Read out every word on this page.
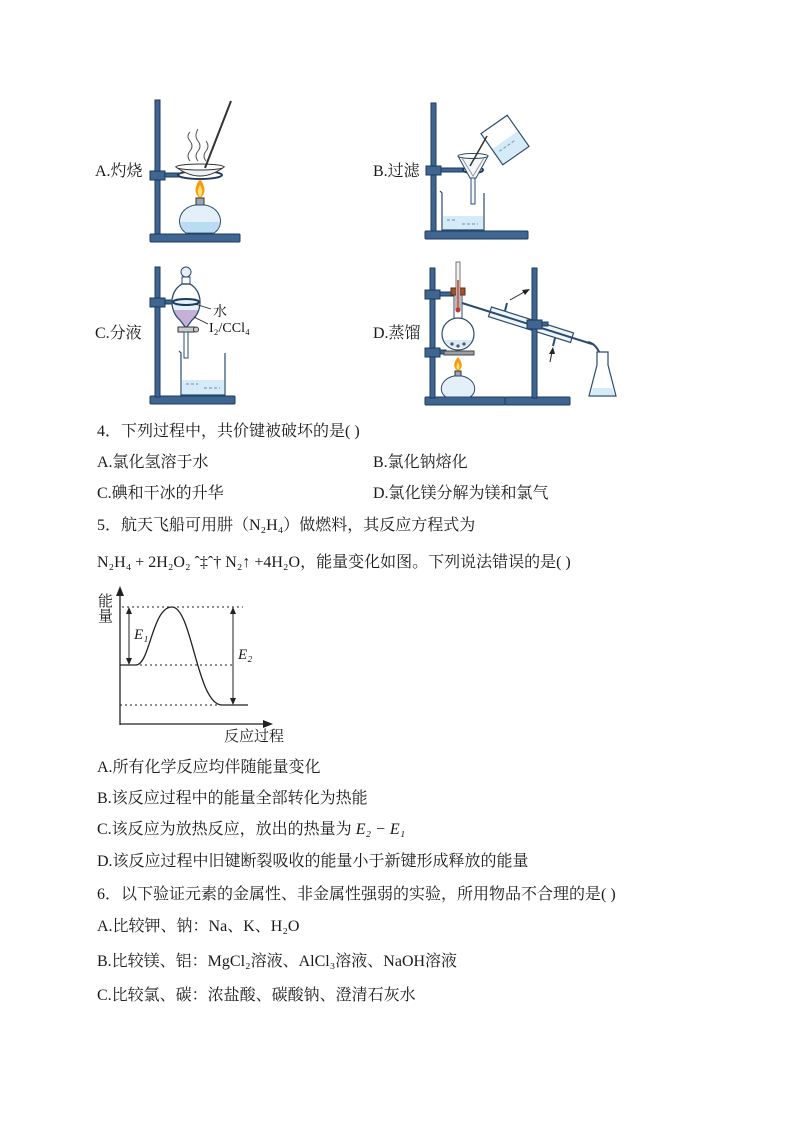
A.灼烧	B.过滤
C.分液	D.蒸馏
水
I₂/CCl₄
4．下列过程中，共价键被破坏的是( )
A.氯化氢溶于水	B.氯化钠熔化
C.碘和干冰的升华	D.氯化镁分解为镁和氯气
5．航天飞船可用肼（N₂H₄）做燃料，其反应方程式为
N₂H₄ + 2H₂O₂ ˆ‡ˆ† N₂↑ +4H₂O，能量变化如图。下列说法错误的是( )
能量
反应过程
E₁
E₂
A.所有化学反应均伴随能量变化
B.该反应过程中的能量全部转化为热能
C.该反应为放热反应，放出的热量为 E₂ − E₁
D.该反应过程中旧键断裂吸收的能量小于新键形成释放的能量
6．以下验证元素的金属性、非金属性强弱的实验，所用物品不合理的是( )
A.比较钾、钠：Na、K、H₂O
B.比较镁、铝：MgCl₂溶液、AlCl₃溶液、NaOH溶液
C.比较氯、碳：浓盐酸、碳酸钠、澄清石灰水
